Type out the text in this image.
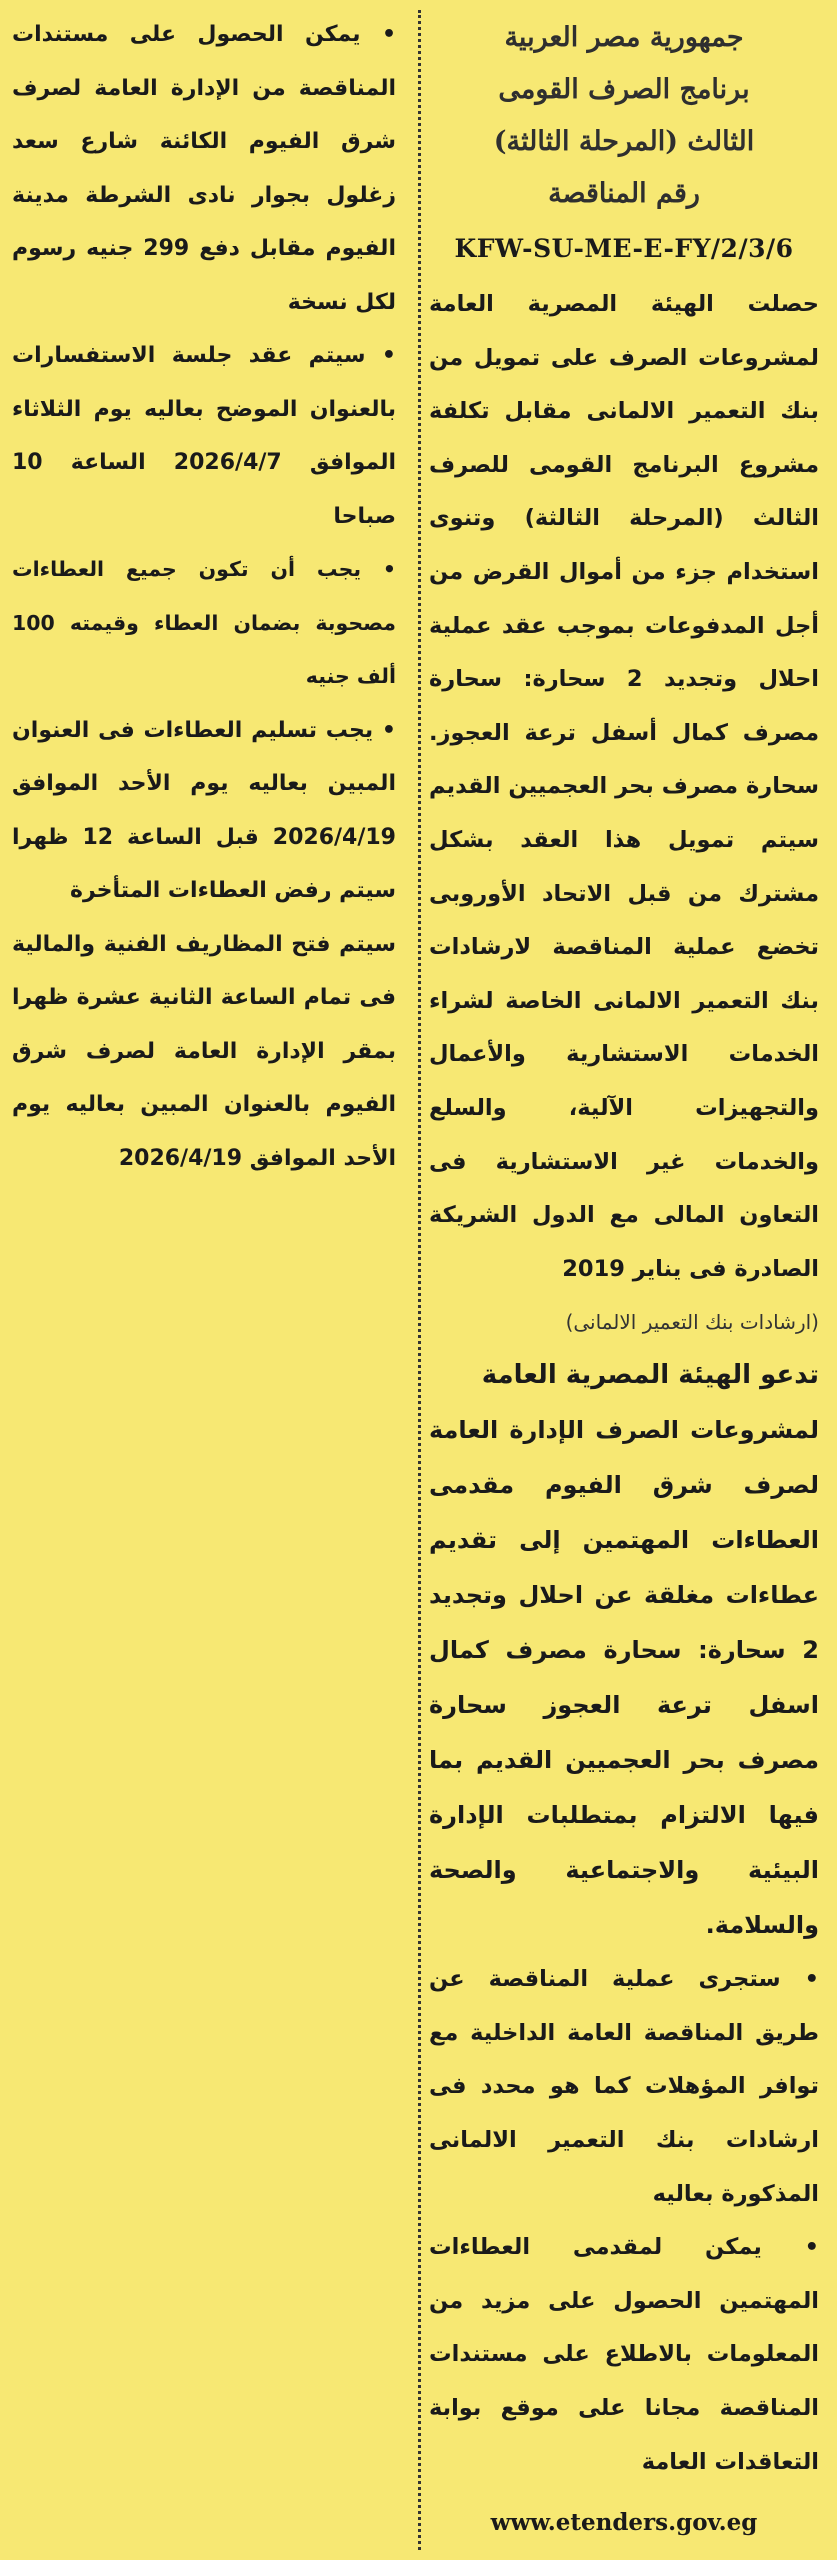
جمهورية مصر العربية

برنامج الصرف القومى

الثالث (المرحلة الثالثة)

رقم المناقصة

KFW-SU-ME-E-FY/2/3/6

حصلت الهيئة المصرية العامة لمشروعات الصرف على تمويل من بنك التعمير الالمانى مقابل تكلفة مشروع البرنامج القومى للصرف الثالث (المرحلة الثالثة) وتنوى استخدام جزء من أموال القرض من أجل المدفوعات بموجب عقد عملية احلال وتجديد 2 سحارة: سحارة مصرف كمال أسفل ترعة العجوز. سحارة مصرف بحر العجميين القديم سيتم تمويل هذا العقد بشكل مشترك من قبل الاتحاد الأوروبى تخضع عملية المناقصة لارشادات بنك التعمير الالمانى الخاصة لشراء الخدمات الاستشارية والأعمال والتجهيزات الآلية، والسلع والخدمات غير الاستشارية فى التعاون المالى مع الدول الشريكة الصادرة فى يناير 2019

(ارشادات بنك التعمير الالمانى)

تدعو الهيئة المصرية العامة

لمشروعات الصرف الإدارة العامة لصرف شرق الفيوم مقدمى العطاءات المهتمين إلى تقديم عطاءات مغلقة عن احلال وتجديد 2 سحارة: سحارة مصرف كمال اسفل ترعة العجوز سحارة مصرف بحر العجميين القديم بما فيها الالتزام بمتطلبات الإدارة البيئية والاجتماعية والصحة والسلامة.

• ستجرى عملية المناقصة عن طريق المناقصة العامة الداخلية مع توافر المؤهلات كما هو محدد فى ارشادات بنك التعمير الالمانى المذكورة بعاليه

• يمكن لمقدمى العطاءات المهتمين الحصول على مزيد من المعلومات بالاطلاع على مستندات المناقصة مجانا على موقع بوابة التعاقدات العامة

www.etenders.gov.eg

• يمكن الحصول على مستندات المناقصة من الإدارة العامة لصرف شرق الفيوم الكائنة شارع سعد زغلول بجوار نادى الشرطة مدينة الفيوم مقابل دفع 299 جنيه رسوم لكل نسخة

• سيتم عقد جلسة الاستفسارات بالعنوان الموضح بعاليه يوم الثلاثاء الموافق 2026/4/7 الساعة 10 صباحا

• يجب أن تكون جميع العطاءات مصحوبة بضمان العطاء وقيمته 100 ألف جنيه

• يجب تسليم العطاءات فى العنوان المبين بعاليه يوم الأحد الموافق 2026/4/19 قبل الساعة 12 ظهرا سيتم رفض العطاءات المتأخرة

سيتم فتح المظاريف الفنية والمالية فى تمام الساعة الثانية عشرة ظهرا بمقر الإدارة العامة لصرف شرق الفيوم بالعنوان المبين بعاليه يوم الأحد الموافق 2026/4/19
